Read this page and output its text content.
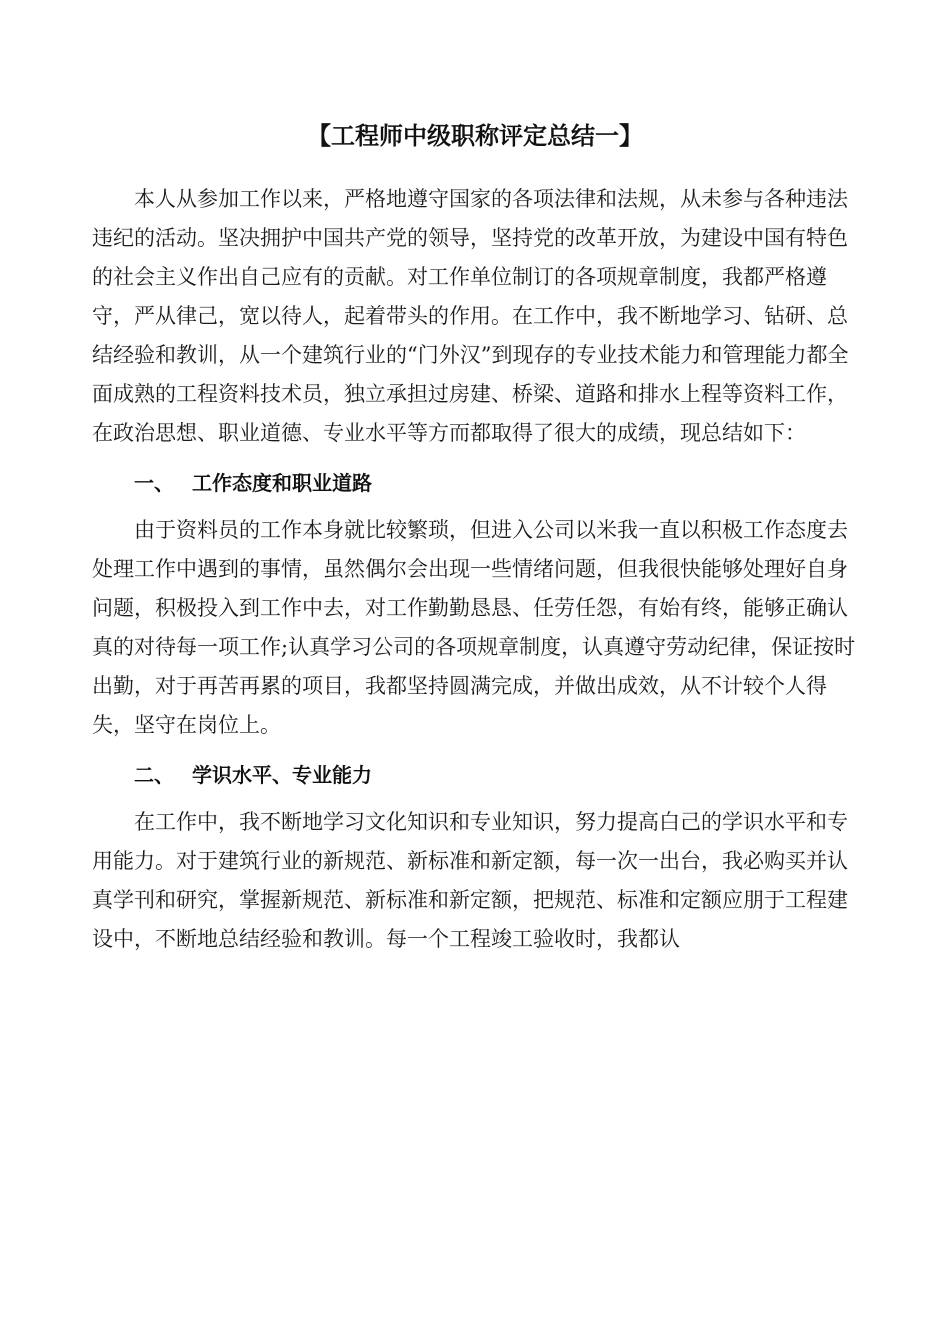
【工程师中级职称评定总结一】

本人从参加工作以来，严格地遵守国家的各项法律和法规，从未参与各种违法违纪的活动。坚决拥护中国共产党的领导，坚持党的改革开放，为建设中国有特色的社会主义作出自己应有的贡献。对工作单位制订的各项规章制度，我都严格遵守，严从律己，宽以待人，起着带头的作用。在工作中，我不断地学习、钻研、总结经验和教训，从一个建筑行业的“门外汉”到现存的专业技术能力和管理能力都全面成熟的工程资料技术员，独立承担过房建、桥梁、道路和排水上程等资料工作，在政治思想、职业道德、专业水平等方而都取得了很大的成绩，现总结如下：

一、 工作态度和职业道路

由于资料员的工作本身就比较繁琐，但进入公司以米我一直以积极工作态度去处理工作中遇到的事情，虽然偶尔会出现一些情绪问题，但我很快能够处理好自身问题，积极投入到工作中去，对工作勤勤恳恳、任劳任怨，有始有终，能够正确认真的对待每一项工作;认真学习公司的各项规章制度，认真遵守劳动纪律，保证按时出勤，对于再苦再累的项目，我都坚持圆满完成，并做出成效，从不计较个人得失，坚守在岗位上。

二、 学识水平、专业能力

在工作中，我不断地学习文化知识和专业知识，努力提高白己的学识水平和专用能力。对于建筑行业的新规范、新标准和新定额，每一次一出台，我必购买并认真学刊和研究，掌握新规范、新标准和新定额，把规范、标准和定额应朋于工程建设中，不断地总结经验和教训。每一个工程竣工验收时，我都认
